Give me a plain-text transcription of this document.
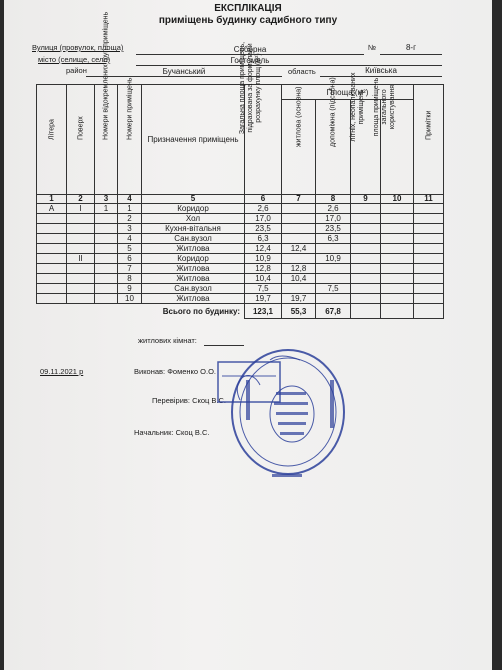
ЕКСПЛІКАЦІЯ
приміщень будинку садибного типу
Вулиця (провулок, площа)	Соборна	№	8-г
місто (селище, село)	Гостомель
район	Бучанський	область	Київська
Літера	Поверх	Номери відокремлених груп приміщень	Номери приміщень	Призначення приміщень	Загальна площа приміщень, підрахована за формулами розрахунку площ (м²)	Площа (м²)				Примітки

						житлова (основна)	допоміжна (підсобна)	літніх, неопалюваних приміщень	площа приміщень загального користування	

1	2	3	4	5	6	7	8	9	10	11
А	I	1	1	Коридор	2,6		2,6			
			2	Хол	17,0		17,0			
			3	Кухня-вітальня	23,5		23,5			
			4	Сан.вузол	6,3		6,3			
			5	Житлова	12,4	12,4				
	II		6	Коридор	10,9		10,9			
			7	Житлова	12,8	12,8				
			8	Житлова	10,4	10,4				
			9	Сан.вузол	7,5		7,5			
			10	Житлова	19,7	19,7				
Всього по будинку:					123,1	55,3	67,8			
житлових кімнат:
09.11.2021 р	Виконав: Фоменко О.О.
Перевірив: Скоц В.С.
Начальник: Скоц В.С.
